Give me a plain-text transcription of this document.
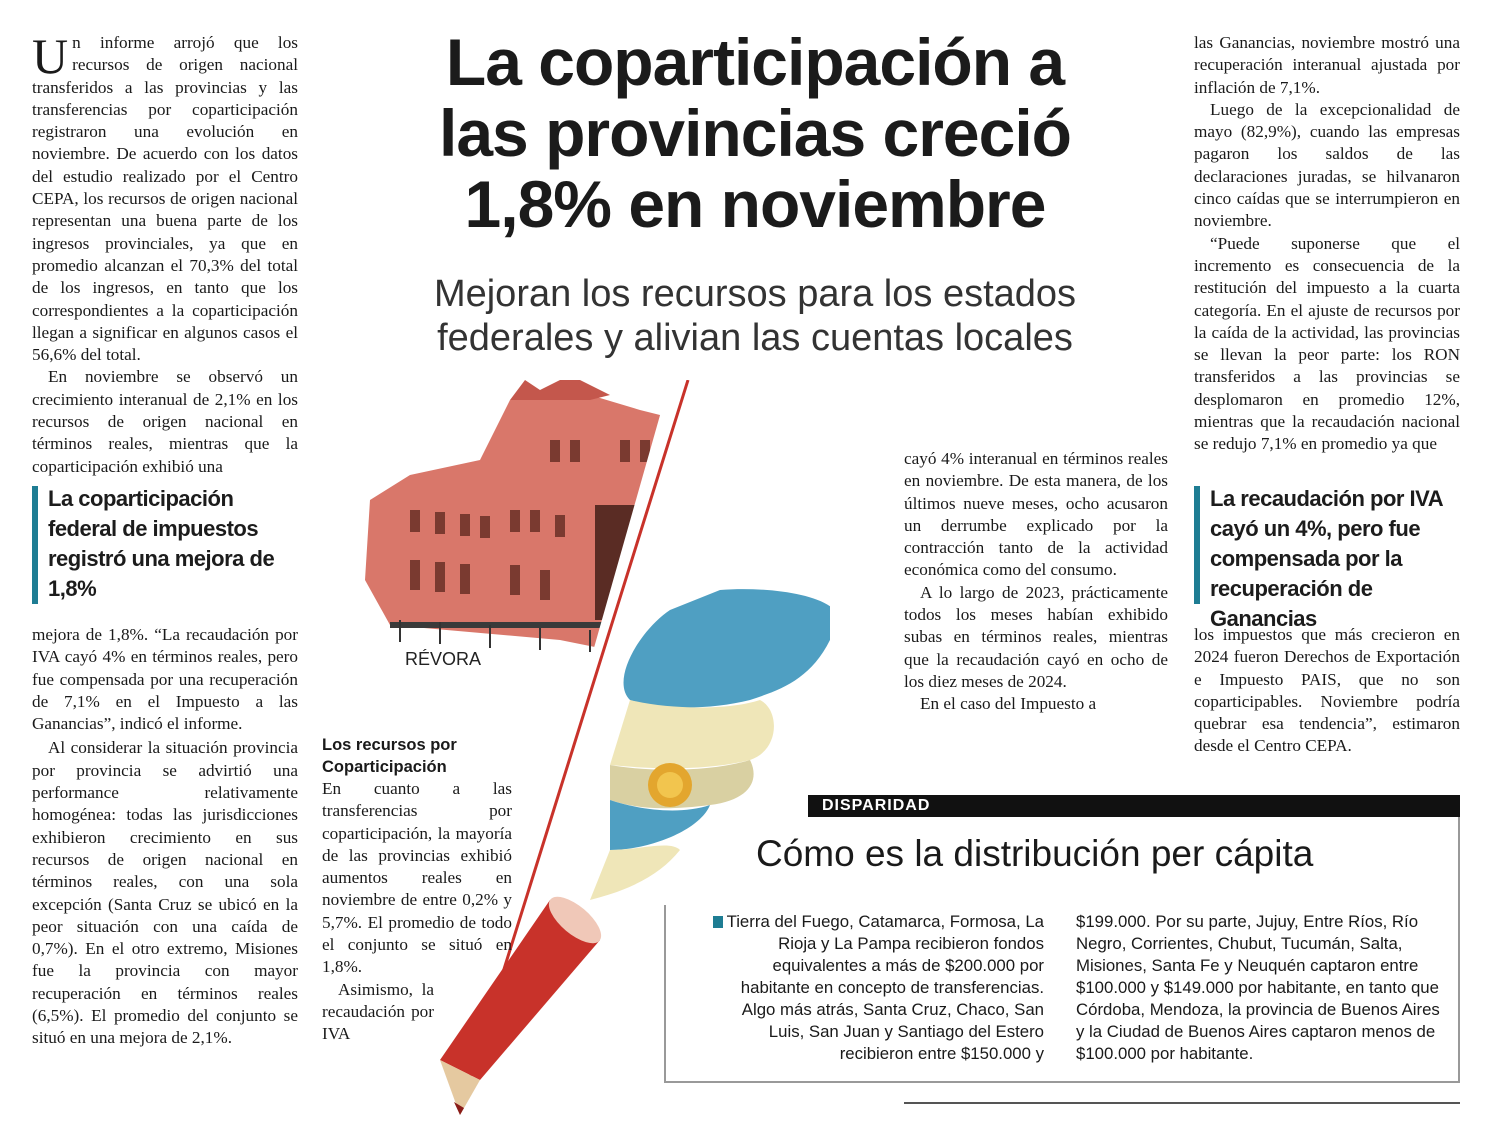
La coparticipación a
las provincias creció
1,8% en noviembre
Mejoran los recursos para los estados
federales y alivian las cuentas locales

Un informe arrojó que los recursos de origen nacional transferidos a las provincias y las transferencias por coparticipación registraron una evolución en noviembre. De acuerdo con los datos del estudio realizado por el Centro CEPA, los recursos de origen nacional representan una buena parte de los ingresos provinciales, ya que en promedio alcanzan el 70,3% del total de los ingresos, en tanto que los correspondientes a la coparticipación llegan a significar en algunos casos el 56,6% del total.

En noviembre se observó un crecimiento interanual de 2,1% en los recursos de origen nacional en términos reales, mientras que la coparticipación exhibió una

La coparticipación federal de impuestos registró una mejora de 1,8%

mejora de 1,8%. “La recaudación por IVA cayó 4% en términos reales, pero fue compensada por una recuperación de 7,1% en el Impuesto a las Ganancias”, indicó el informe.

Al considerar la situación provincia por provincia se advirtió una performance relativamente homogénea: todas las jurisdicciones exhibieron crecimiento en sus recursos de origen nacional en términos reales, con una sola excepción (Santa Cruz se ubicó en la peor situación con una caída de 0,7%). En el otro extremo, Misiones fue la provincia con mayor recuperación en términos reales (6,5%). El promedio del conjunto se situó en una mejora de 2,1%.

RÉVORA
Los recursos por Coparticipación
En cuanto a las transferencias por coparticipación, la mayoría de las provincias exhibió aumentos reales en noviembre de entre 0,2% y 5,7%. El promedio de todo el conjunto se situó en 1,8%.
Asimismo, la recaudación por IVA

cayó 4% interanual en términos reales en noviembre. De esta manera, de los últimos nueve meses, ocho acusaron un derrumbe explicado por la contracción tanto de la actividad económica como del consumo.

A lo largo de 2023, prácticamente todos los meses habían exhibido subas en términos reales, mientras que la recaudación cayó en ocho de los diez meses de 2024.

En el caso del Impuesto a

las Ganancias, noviembre mostró una recuperación interanual ajustada por inflación de 7,1%.

Luego de la excepcionalidad de mayo (82,9%), cuando las empresas pagaron los saldos de las declaraciones juradas, se hilvanaron cinco caídas que se interrumpieron en noviembre.

“Puede suponerse que el incremento es consecuencia de la restitución del impuesto a la cuarta categoría. En el ajuste de recursos por la caída de la actividad, las provincias se llevan la peor parte: los RON transferidos a las provincias se desplomaron en promedio 12%, mientras que la recaudación nacional se redujo 7,1% en promedio ya que

La recaudación por IVA cayó un 4%, pero fue compensada por la recuperación de Ganancias

los impuestos que más crecieron en 2024 fueron Derechos de Exportación e Impuesto PAIS, que no son coparticipables. Noviembre podría quebrar esa tendencia”, estimaron desde el Centro CEPA.

DISPARIDAD
Cómo es la distribución per cápita
Tierra del Fuego, Catamarca, Formosa, La Rioja y La Pampa recibieron fondos equivalentes a más de $200.000 por habitante en concepto de transferencias. Algo más atrás, Santa Cruz, Chaco, San Luis, San Juan y Santiago del Estero recibieron entre $150.000 y
$199.000. Por su parte, Jujuy, Entre Ríos, Río Negro, Corrientes, Chubut, Tucumán, Salta, Misiones, Santa Fe y Neuquén captaron entre $100.000 y $149.000 por habitante, en tanto que Córdoba, Mendoza, la provincia de Buenos Aires y la Ciudad de Buenos Aires captaron menos de $100.000 por habitante.
